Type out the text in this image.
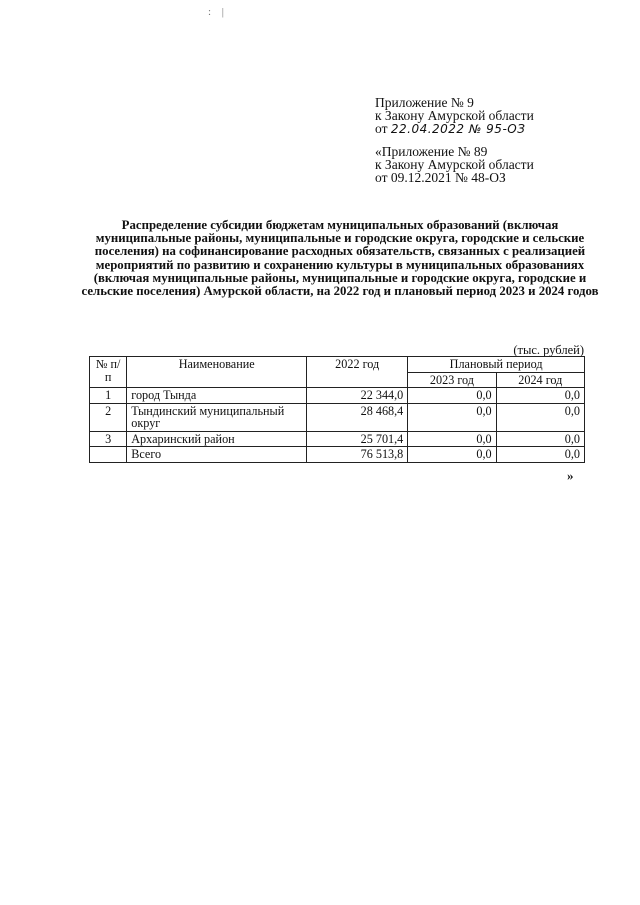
: |
Приложение № 9
к Закону Амурской области
от 22.04.2022 № 95-ОЗ
«Приложение № 89
к Закону Амурской области
от 09.12.2021 № 48-ОЗ
Распределение субсидии бюджетам муниципальных образований (включая муниципальные районы, муниципальные и городские округа, городские и сельские поселения) на софинансирование расходных обязательств, связанных с реализацией мероприятий по развитию и сохранению культуры в муниципальных образованиях (включая муниципальные районы, муниципальные и городские округа, городские и сельские поселения) Амурской области, на 2022 год и плановый период 2023 и 2024 годов
(тыс. рублей)
№ п/п	Наименование	2022 год	Плановый период	
			2023 год	2024 год
1	город Тында	22 344,0	0,0	0,0
2	Тындинский муниципальный округ	28 468,4	0,0	0,0
3	Архаринский район	25 701,4	0,0	0,0
	Всего	76 513,8	0,0	0,0
»
